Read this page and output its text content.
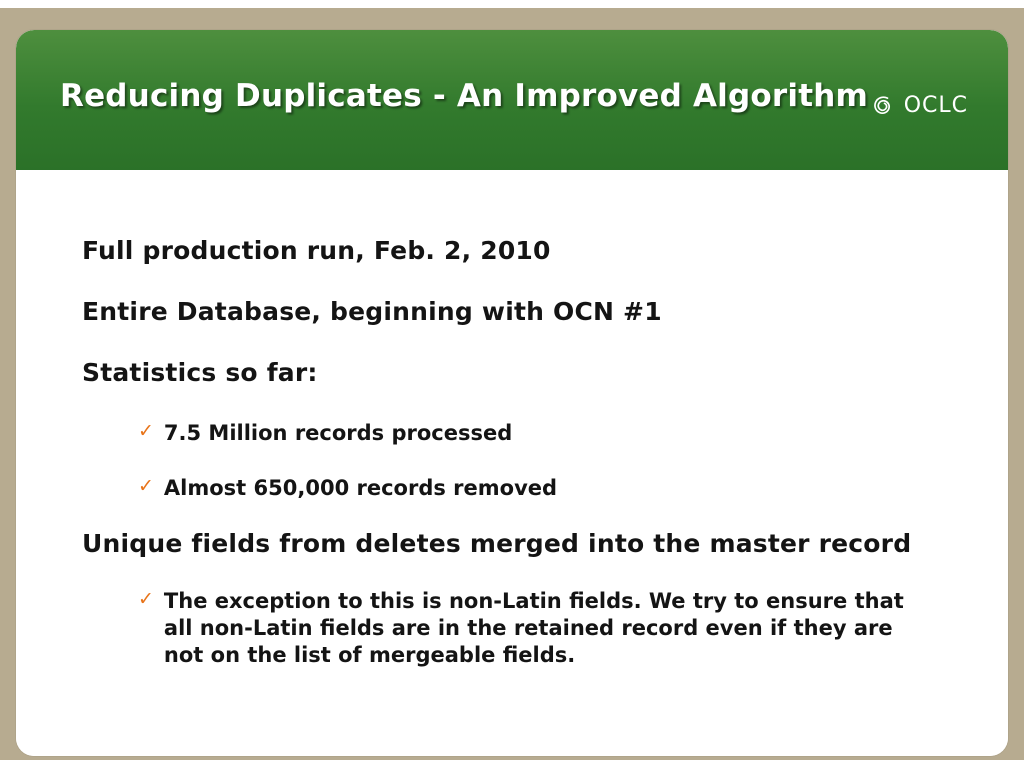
Reducing Duplicates - An Improved Algorithm OCLC
Full production run, Feb. 2, 2010
Entire Database, beginning with OCN #1
Statistics so far:
✓ 7.5 Million records processed
✓ Almost 650,000 records removed
Unique fields from deletes merged into the master record
✓ The exception to this is non-Latin fields. We try to ensure that all non-Latin fields are in the retained record even if they are not on the list of mergeable fields.
